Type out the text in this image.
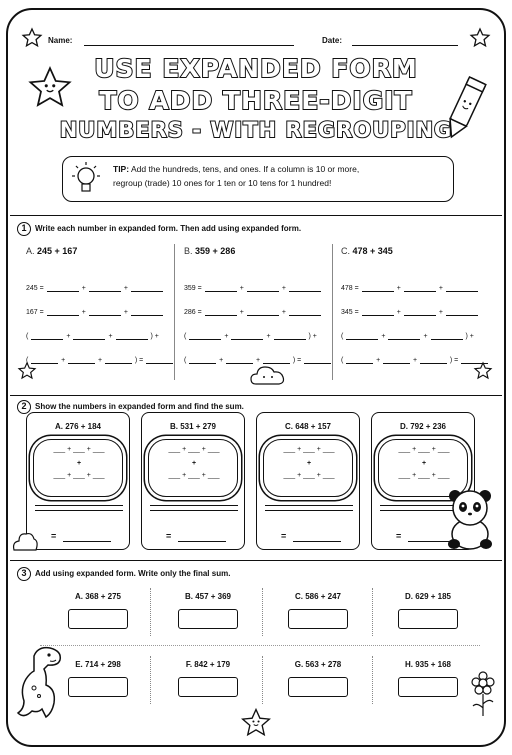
Name:	Date:
USE EXPANDED FORM
TO ADD THREE-DIGIT
NUMBERS - WITH REGROUPING
TIP: Add the hundreds, tens, and ones. If a column is 10 or more,
regroup (trade) 10 ones for 1 ten or 10 tens for 1 hundred!
1 Write each number in expanded form. Then add using expanded form.
A. 245 + 167
245 =	+	+
167 =	+	+
(	+	+	) +
(	+	+	) =
B. 359 + 286
359 =	+	+
286 =	+	+
(	+	+	) +
(	+	+	) =
C. 478 + 345
478 =	+	+
345 =	+	+
(	+	+	) +
(	+	+	) =
2 Show the numbers in expanded form and find the sum.
A. 276 + 184
___ + ___ + ___
+
___ + ___ + ___
=
B. 531 + 279
___ + ___ + ___
+
___ + ___ + ___
=
C. 648 + 157
___ + ___ + ___
+
___ + ___ + ___
=
D. 792 + 236
___ + ___ + ___
+
___ + ___ + ___
=
3 Add using expanded form. Write only the final sum.
A. 368 + 275	B. 457 + 369	C. 586 + 247	D. 629 + 185
E. 714 + 298	F. 842 + 179	G. 563 + 278	H. 935 + 168
